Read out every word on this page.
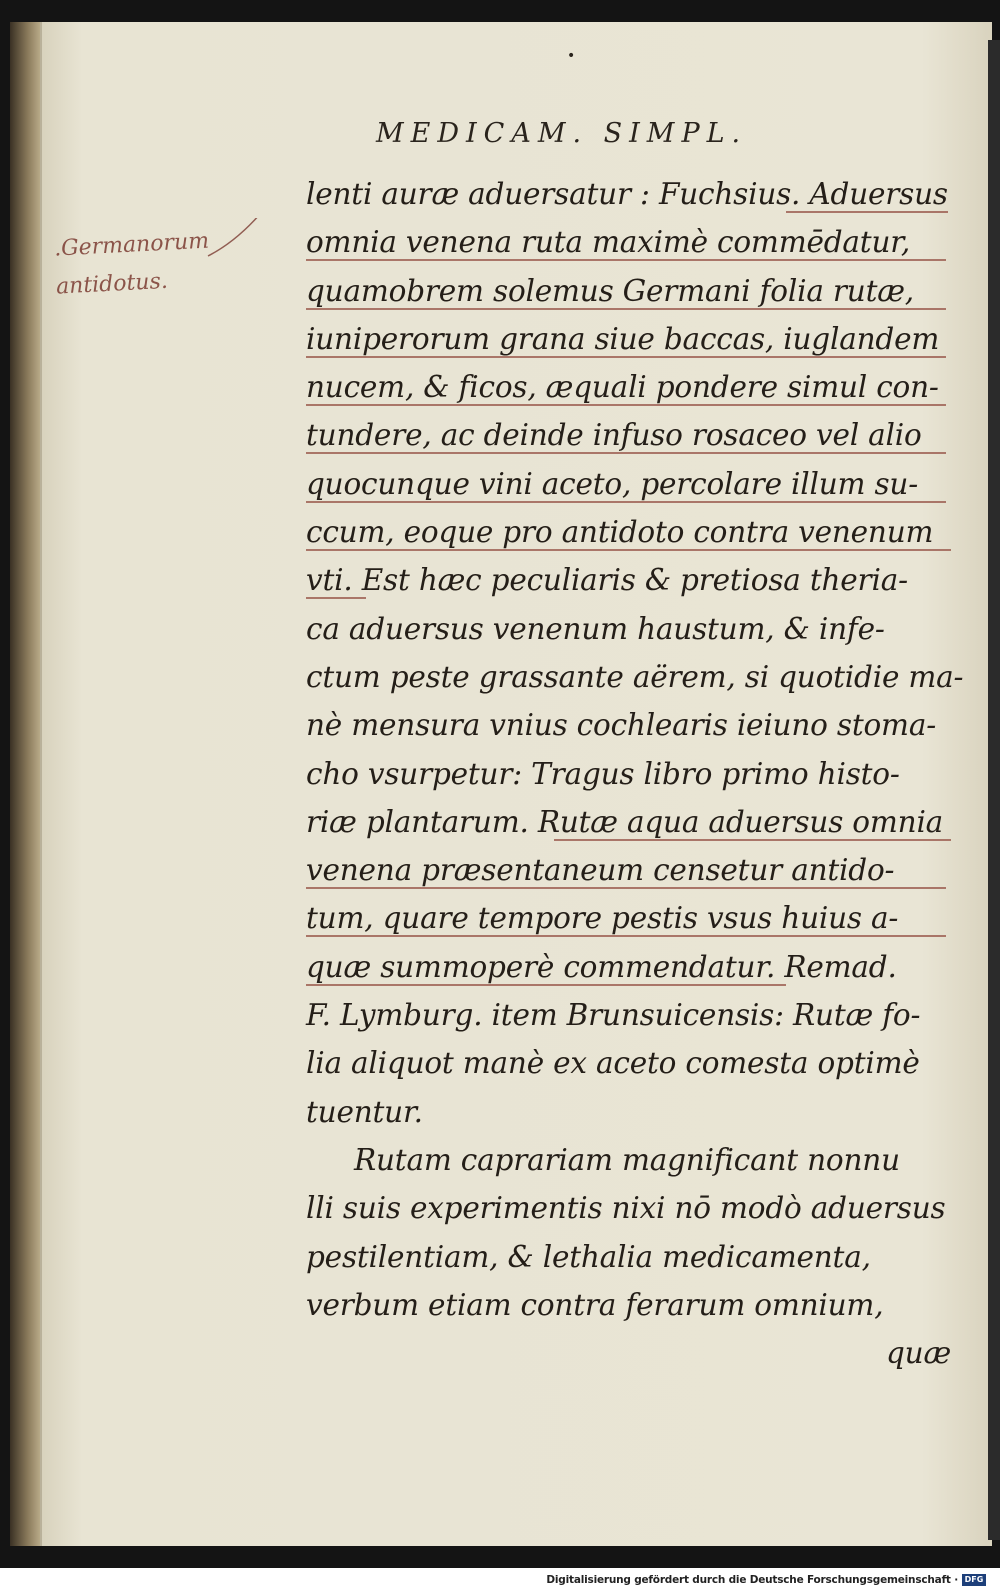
•
MEDICAM. SIMPL.
.Germanorum
antidotus.
lenti auræ aduersatur : Fuchsius. Aduersus
omnia venena ruta maximè commēdatur,
quamobrem solemus Germani folia rutæ,
iuniperorum grana siue baccas, iuglandem
nucem, & ficos, æquali pondere simul con-
tundere, ac deinde infuso rosaceo vel alio
quocunque vini aceto, percolare illum su-
ccum, eoque pro antidoto contra venenum
vti. Est hæc peculiaris & pretiosa theria-
ca aduersus venenum haustum, & infe-
ctum peste grassante aërem, si quotidie ma-
nè mensura vnius cochlearis ieiuno stoma-
cho vsurpetur: Tragus libro primo histo-
riæ plantarum. Rutæ aqua aduersus omnia
venena præsentaneum censetur antido-
tum, quare tempore pestis vsus huius a-
quæ summoperè commendatur. Remad.
F. Lymburg. item Brunsuicensis: Rutæ fo-
lia aliquot manè ex aceto comesta optimè
tuentur.
Rutam caprariam magnificant nonnu
lli suis experimentis nixi nō modò aduersus
pestilentiam, & lethalia medicamenta,
verbum etiam contra ferarum omnium,
quæ
Digitalisierung gefördert durch die Deutsche Forschungsgemeinschaft · DFG
